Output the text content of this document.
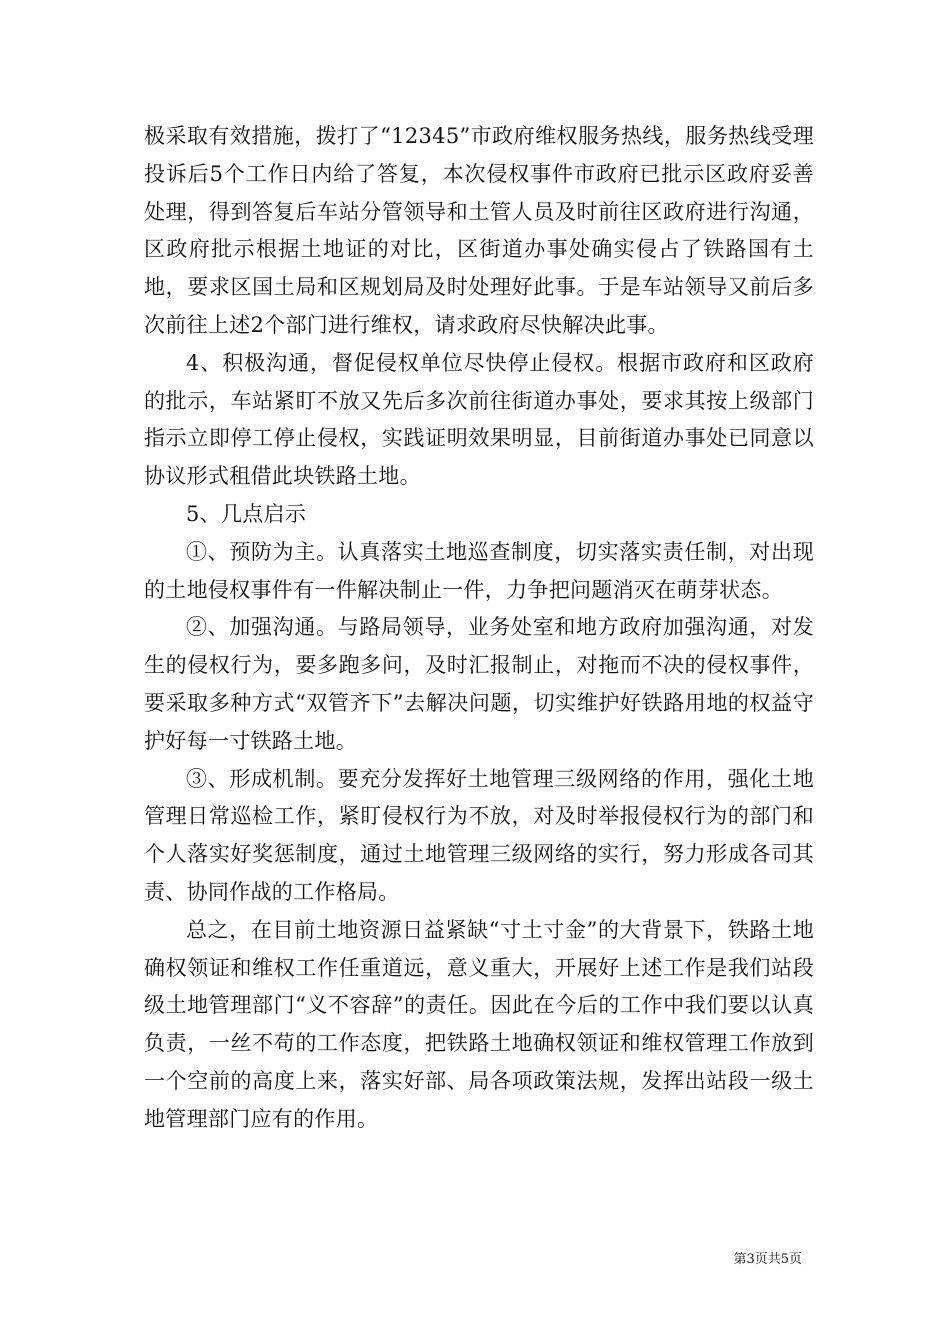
极采取有效措施，拨打了“12345”市政府维权服务热线，服务热线受理投诉后5个工作日内给了答复，本次侵权事件市政府已批示区政府妥善处理，得到答复后车站分管领导和土管人员及时前往区政府进行沟通，区政府批示根据土地证的对比，区街道办事处确实侵占了铁路国有土地，要求区国土局和区规划局及时处理好此事。于是车站领导又前后多次前往上述2个部门进行维权，请求政府尽快解决此事。

4、积极沟通，督促侵权单位尽快停止侵权。根据市政府和区政府的批示，车站紧盯不放又先后多次前往街道办事处，要求其按上级部门指示立即停工停止侵权，实践证明效果明显，目前街道办事处已同意以协议形式租借此块铁路土地。

5、几点启示

①、预防为主。认真落实土地巡查制度，切实落实责任制，对出现的土地侵权事件有一件解决制止一件，力争把问题消灭在萌芽状态。

②、加强沟通。与路局领导，业务处室和地方政府加强沟通，对发生的侵权行为，要多跑多问，及时汇报制止，对拖而不决的侵权事件，要采取多种方式“双管齐下”去解决问题，切实维护好铁路用地的权益守护好每一寸铁路土地。

③、形成机制。要充分发挥好土地管理三级网络的作用，强化土地管理日常巡检工作，紧盯侵权行为不放，对及时举报侵权行为的部门和个人落实好奖惩制度，通过土地管理三级网络的实行，努力形成各司其责、协同作战的工作格局。

总之，在目前土地资源日益紧缺“寸土寸金”的大背景下，铁路土地确权领证和维权工作任重道远，意义重大，开展好上述工作是我们站段级土地管理部门“义不容辞”的责任。因此在今后的工作中我们要以认真负责，一丝不苟的工作态度，把铁路土地确权领证和维权管理工作放到一个空前的高度上来，落实好部、局各项政策法规，发挥出站段一级土地管理部门应有的作用。

第3页共5页
